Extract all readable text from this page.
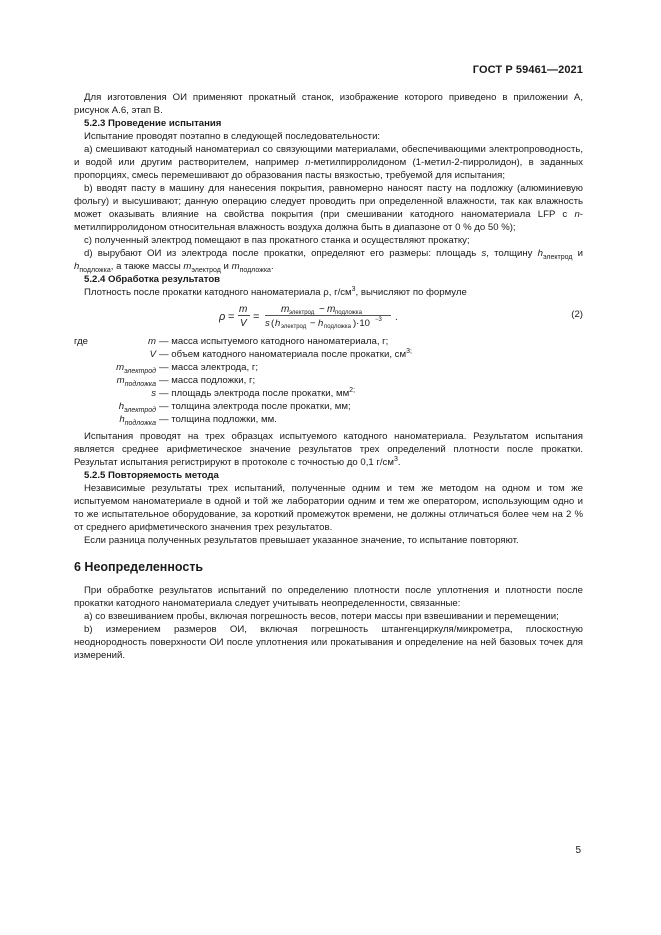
ГОСТ Р 59461—2021

Для изготовления ОИ применяют прокатный станок, изображение которого приведено в приложении А, рисунок А.6, этап В.

5.2.3 Проведение испытания

Испытание проводят поэтапно в следующей последовательности:

a) смешивают катодный наноматериал со связующими материалами, обеспечивающими электропроводность, и водой или другим растворителем, например n-метилпирролидоном (1-метил-2-пирролидон), в заданных пропорциях, смесь перемешивают до образования пасты вязкостью, требуемой для испытания;

b) вводят пасту в машину для нанесения покрытия, равномерно наносят пасту на подложку (алюминиевую фольгу) и высушивают; данную операцию следует проводить при определенной влажности, так как влажность может оказывать влияние на свойства покрытия (при смешивании катодного наноматериала LFP с n-метилпирролидоном относительная влажность воздуха должна быть в диапазоне от 0 % до 50 %);

c) полученный электрод помещают в паз прокатного станка и осуществляют прокатку;

d) вырубают ОИ из электрода после прокатки, определяют его размеры: площадь s, толщину $h_{электрод}$ и $h_{подложка}$, а также массы $m_{электрод}$ и $m_{подложка}$.

5.2.4 Обработка результатов

Плотность после прокатки катодного наноматериала ρ, $г/см^3$, вычисляют по формуле

ρ =
m
V
=
m электрод − m подложка
s ( h электрод − h подложка )·10 −3 .	(2)
где	m — масса испытуемого катодного наноматериала, г;
V — объем катодного наноматериала после прокатки, $см^{3;}$
$m_{электрод}$ — масса электрода, г;
$m_{подложка}$ — масса подложки, г;
s — площадь электрода после прокатки, $мм^{2;}$
$h_{электрод}$ — толщина электрода после прокатки, мм;
$h_{подложка}$ — толщина подложки, мм.

Испытания проводят на трех образцах испытуемого катодного наноматериала. Результатом испытания является среднее арифметическое значение результатов трех определений плотности после прокатки. Результат испытания регистрируют в протоколе с точностью до 0,1 $г/см^3$.

5.2.5 Повторяемость метода

Независимые результаты трех испытаний, полученные одним и тем же методом на одном и том же испытуемом наноматериале в одной и той же лаборатории одним и тем же оператором, использующим одно и то же испытательное оборудование, за короткий промежуток времени, не должны отличаться более чем на 2 % от среднего арифметического значения трех результатов.

Если разница полученных результатов превышает указанное значение, то испытание повторяют.

6 Неопределенность

При обработке результатов испытаний по определению плотности после уплотнения и плотности после прокатки катодного наноматериала следует учитывать неопределенности, связанные:

a) со взвешиванием пробы, включая погрешность весов, потери массы при взвешивании и перемещении;

b) измерением размеров ОИ, включая погрешность штангенциркуля/микрометра, плоскостную неоднородность поверхности ОИ после уплотнения или прокатывания и определение на ней базовых точек для измерений.

5
